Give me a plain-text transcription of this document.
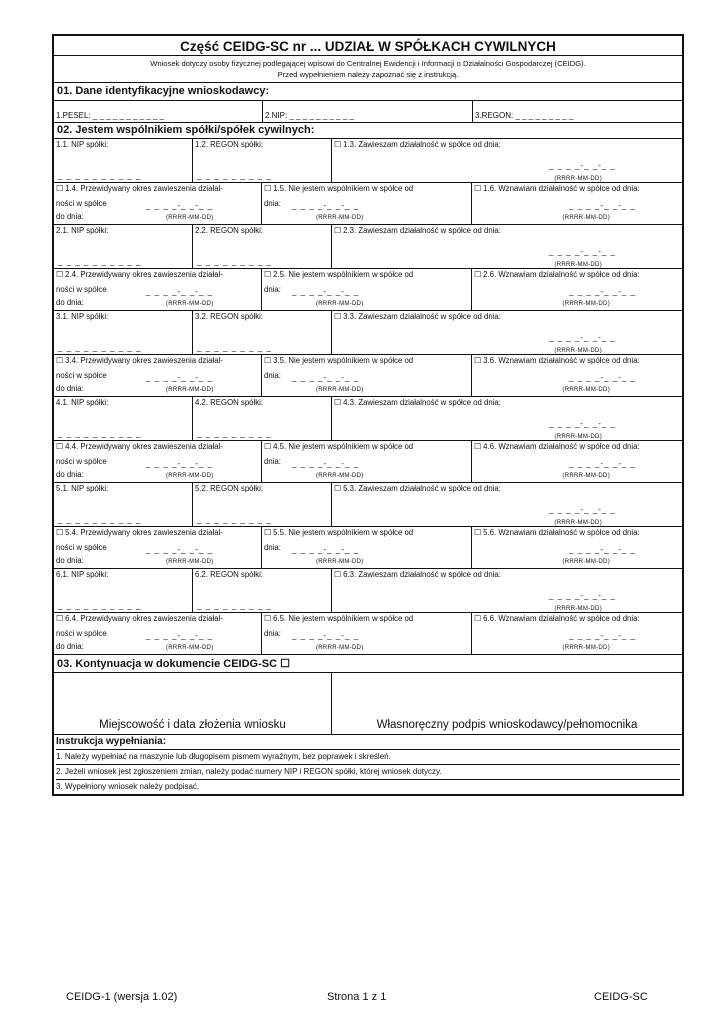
Część CEIDG-SC nr ... UDZIAŁ W SPÓŁKACH CYWILNYCH
Wniosek dotyczy osoby fizycznej podlegającej wpisowi do Centralnej Ewidencji i Informacji o Działalności Gospodarczej (CEIDG).
Przed wypełnieniem należy zapoznać się z instrukcją.
01. Dane identyfikacyjne wnioskodawcy:
1.PESEL: _ _ _ _ _ _ _ _ _ _ _	2.NIP: _ _ _ _ _ _ _ _ _ _	3.REGON: _ _ _ _ _ _ _ _ _
02. Jestem wspólnikiem spółki/spółek cywilnych:
1.1. NIP spółki:
_ _ _ _ _ _ _ _ _ _
1.2. REGON spółki:
_ _ _ _ _ _ _ _ _
☐ 1.3. Zawieszam działalność w spółce od dnia:
_ _ _ _-_ _-_ _
(RRRR-MM-DD)
☐ 1.4. Przewidywany okres zawieszenia działal-
ności w spółce
do dnia:
_ _ _ _-_ _-_ _
(RRRR-MM-DD)
☐ 1.5. Nie jestem wspólnikiem w spółce od
dnia: _ _ _ _-_ _-_ _
(RRRR-MM-DD)
☐ 1.6. Wznawiam działalność w spółce od dnia:
_ _ _ _-_ _-_ _
(RRRR-MM-DD)
2.1. NIP spółki:
_ _ _ _ _ _ _ _ _ _
2.2. REGON spółki:
_ _ _ _ _ _ _ _ _
☐ 2.3. Zawieszam działalność w spółce od dnia:
_ _ _ _-_ _-_ _
(RRRR-MM-DD)
☐ 2.4. Przewidywany okres zawieszenia działal-
ności w spółce
do dnia:
_ _ _ _-_ _-_ _
(RRRR-MM-DD)
☐ 2.5. Nie jestem wspólnikiem w spółce od
dnia: _ _ _ _-_ _-_ _
(RRRR-MM-DD)
☐ 2.6. Wznawiam działalność w spółce od dnia:
_ _ _ _-_ _-_ _
(RRRR-MM-DD)
3.1. NIP spółki:
_ _ _ _ _ _ _ _ _ _
3.2. REGON spółki:
_ _ _ _ _ _ _ _ _
☐ 3.3. Zawieszam działalność w spółce od dnia:
_ _ _ _-_ _-_ _
(RRRR-MM-DD)
☐ 3.4. Przewidywany okres zawieszenia działal-
ności w spółce
do dnia:
_ _ _ _-_ _-_ _
(RRRR-MM-DD)
☐ 3.5. Nie jestem wspólnikiem w spółce od
dnia: _ _ _ _-_ _-_ _
(RRRR-MM-DD)
☐ 3.6. Wznawiam działalność w spółce od dnia:
_ _ _ _-_ _-_ _
(RRRR-MM-DD)
4.1. NIP spółki:
_ _ _ _ _ _ _ _ _ _
4.2. REGON spółki:
_ _ _ _ _ _ _ _ _
☐ 4.3. Zawieszam działalność w spółce od dnia:
_ _ _ _-_ _-_ _
(RRRR-MM-DD)
☐ 4.4. Przewidywany okres zawieszenia działal-
ności w spółce
do dnia:
_ _ _ _-_ _-_ _
(RRRR-MM-DD)
☐ 4.5. Nie jestem wspólnikiem w spółce od
dnia: _ _ _ _-_ _-_ _
(RRRR-MM-DD)
☐ 4.6. Wznawiam działalność w spółce od dnia:
_ _ _ _-_ _-_ _
(RRRR-MM-DD)
5.1. NIP spółki:
_ _ _ _ _ _ _ _ _ _
5.2. REGON spółki:
_ _ _ _ _ _ _ _ _
☐ 5.3. Zawieszam działalność w spółce od dnia:
_ _ _ _-_ _-_ _
(RRRR-MM-DD)
☐ 5.4. Przewidywany okres zawieszenia działal-
ności w spółce
do dnia:
_ _ _ _-_ _-_ _
(RRRR-MM-DD)
☐ 5.5. Nie jestem wspólnikiem w spółce od
dnia: _ _ _ _-_ _-_ _
(RRRR-MM-DD)
☐ 5.6. Wznawiam działalność w spółce od dnia:
_ _ _ _-_ _-_ _
(RRRR-MM-DD)
6.1. NIP spółki:
_ _ _ _ _ _ _ _ _ _
6.2. REGON spółki:
_ _ _ _ _ _ _ _ _
☐ 6.3. Zawieszam działalność w spółce od dnia:
_ _ _ _-_ _-_ _
(RRRR-MM-DD)
☐ 6.4. Przewidywany okres zawieszenia działal-
ności w spółce
do dnia:
_ _ _ _-_ _-_ _
(RRRR-MM-DD)
☐ 6.5. Nie jestem wspólnikiem w spółce od
dnia: _ _ _ _-_ _-_ _
(RRRR-MM-DD)
☐ 6.6. Wznawiam działalność w spółce od dnia:
_ _ _ _-_ _-_ _
(RRRR-MM-DD)
03. Kontynuacja w dokumencie CEIDG-SC ☐
Miejscowość i data złożenia wniosku	Własnoręczny podpis wnioskodawcy/pełnomocnika
Instrukcja wypełniania:
1. Należy wypełniać na maszynie lub długopisem pismem wyraźnym, bez poprawek i skreśleń.
2. Jeżeli wniosek jest zgłoszeniem zmian, należy podać numery NIP i REGON spółki, której wniosek dotyczy.
3. Wypełniony wniosek należy podpisać.
CEIDG-1 (wersja 1.02)	Strona 1 z 1	CEIDG-SC
